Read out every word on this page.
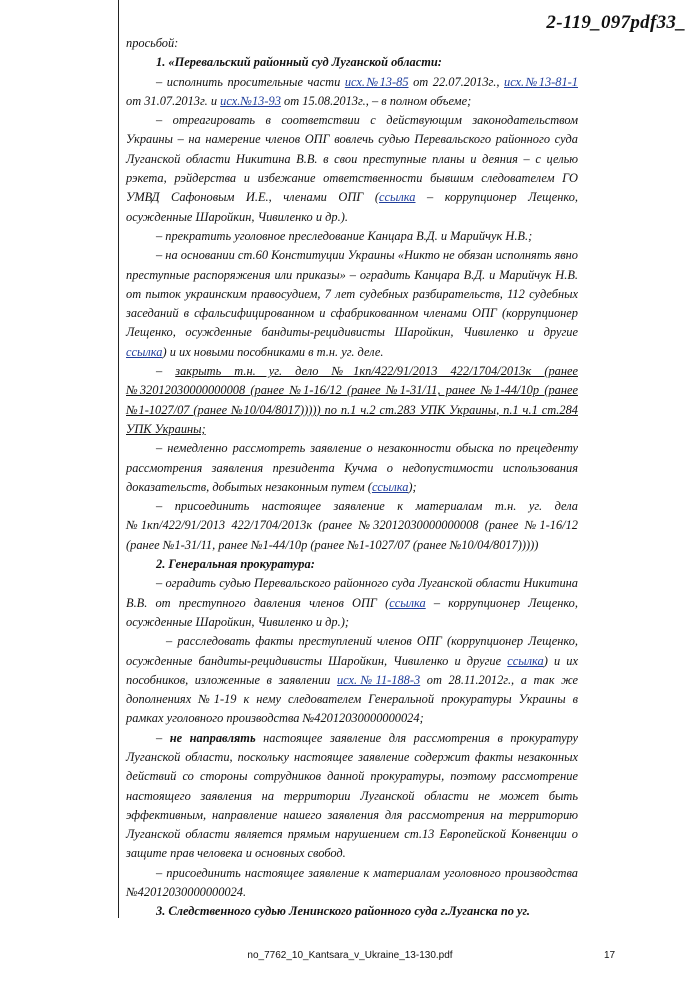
2-119_097pdf33_

просьбой:

1. «Перевальский районный суд Луганской области:

– исполнить просительные части исх.№13-85 от 22.07.2013г., исх.№13-81-1 от 31.07.2013г. и исх.№13-93 от 15.08.2013г., – в полном объеме;

– отреагировать в соответствии с действующим законодательством Украины – на намерение членов ОПГ вовлечь судью Перевальского районного суда Луганской области Никитина В.В. в свои преступные планы и деяния – с целью рэкета, рэйдерства и избежание ответственности бывшим следователем ГО УМВД Сафоновым И.Е., членами ОПГ (ссылка – коррупционер Лещенко, осужденные Шаройкин, Чивиленко и др.).

– прекратить уголовное преследование Канцара В.Д. и Марийчук Н.В.;

– на основании ст.60 Конституции Украины «Никто не обязан исполнять явно преступные распоряжения или приказы» – оградить Канцара В.Д. и Марийчук Н.В. от пыток украинским правосудием, 7 лет судебных разбирательств, 112 судебных заседаний в сфальсифицированном и сфабрикованном членами ОПГ (коррупционер Лещенко, осужденные бандиты-рецидивисты Шаройкин, Чивиленко и другие ссылка) и их новыми пособниками в т.н. уг. деле.

– закрыть т.н. уг. дело №1кп/422/91/2013 422/1704/2013к (ранее №32012030000000008 (ранее №1-16/12 (ранее №1-31/11, ранее №1-44/10р (ранее №1-1027/07 (ранее №10/04/8017))))) по п.1 ч.2 ст.283 УПК Украины, п.1 ч.1 ст.284 УПК Украины;

– немедленно рассмотреть заявление о незаконности обыска по прецеденту рассмотрения заявления президента Кучма о недопустимости использования доказательств, добытых незаконным путем (ссылка);

– присоединить настоящее заявление к материалам т.н. уг. дела №1кп/422/91/2013 422/1704/2013к (ранее №32012030000000008 (ранее №1-16/12 (ранее №1-31/11, ранее №1-44/10р (ранее №1-1027/07 (ранее №10/04/8017)))))

2. Генеральная прокуратура:

– оградить судью Перевальского районного суда Луганской области Никитина В.В. от преступного давления членов ОПГ (ссылка – коррупционер Лещенко, осужденные Шаройкин, Чивиленко и др.);

– расследовать факты преступлений членов ОПГ (коррупционер Лещенко, осужденные бандиты-рецидивисты Шаройкин, Чивиленко и другие ссылка) и их пособников, изложенные в заявлении исх.№11-188-3 от 28.11.2012г., а так же дополнениях №1-19 к нему следователем Генеральной прокуратуры Украины в рамках уголовного производства №42012030000000024;

– не направлять настоящее заявление для рассмотрения в прокуратуру Луганской области, поскольку настоящее заявление содержит факты незаконных действий со стороны сотрудников данной прокуратуры, поэтому рассмотрение настоящего заявления на территории Луганской области не может быть эффективным, направление нашего заявления для рассмотрения на территорию Луганской области является прямым нарушением ст.13 Европейской Конвенции о защите прав человека и основных свобод.

– присоединить настоящее заявление к материалам уголовного производства №42012030000000024.

3. Следственного судью Ленинского районного суда г.Луганска по уг.

no_7762_10_Kantsara_v_Ukraine_13-130.pdf	17
